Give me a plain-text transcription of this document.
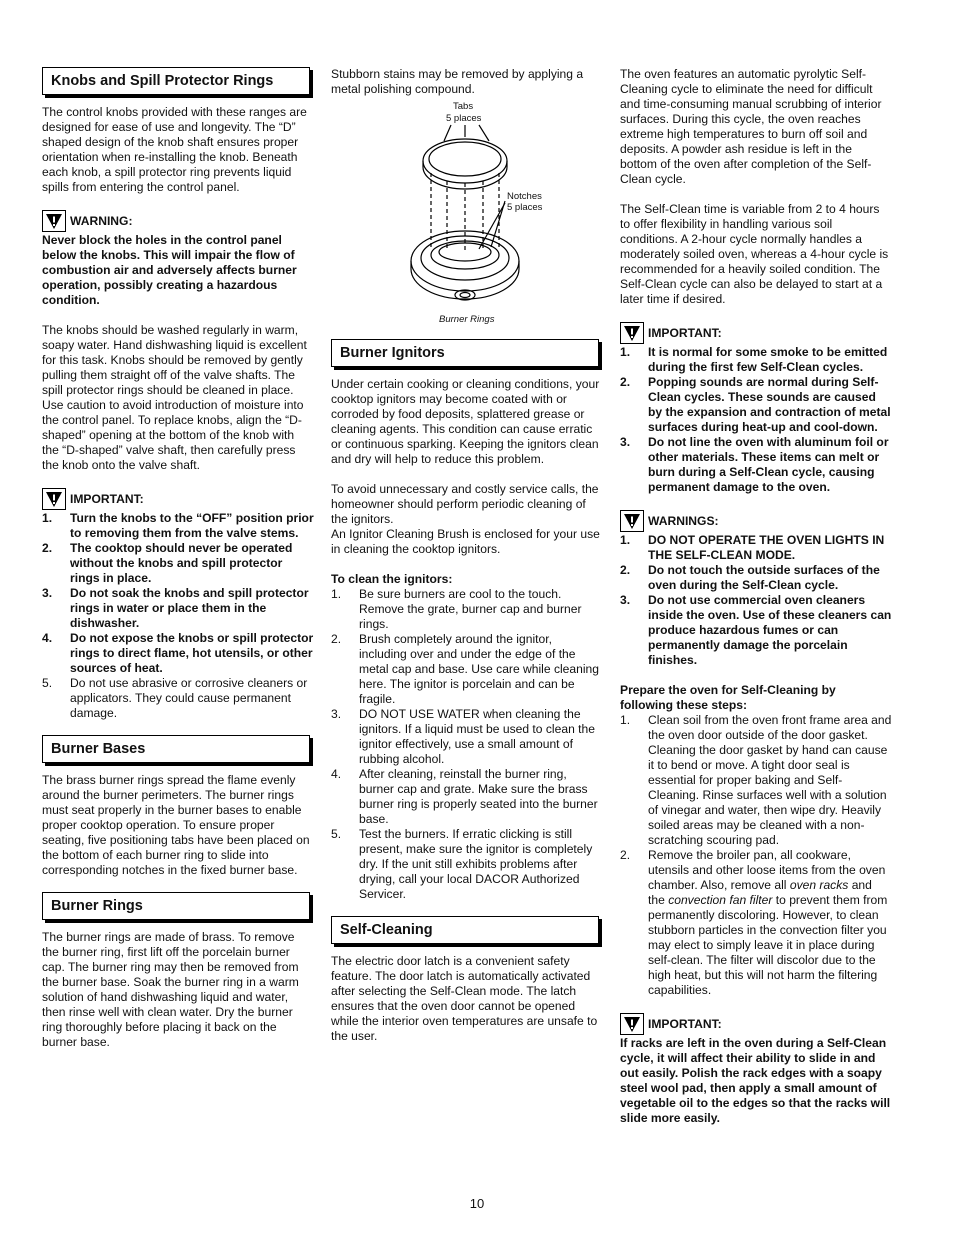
Knobs and Spill Protector Rings

The control knobs provided with these ranges are designed for ease of use and longevity. The “D” shaped design of the knob shaft ensures proper orientation when re-installing the knob. Beneath each knob, a spill protector ring prevents liquid spills from entering the control panel.

WARNING:

Never block the holes in the control panel below the knobs. This will impair the flow of combustion air and adversely affects burner operation, possibly creating a hazardous condition.

The knobs should be washed regularly in warm, soapy water. Hand dishwashing liquid is excellent for this task. Knobs should be removed by gently pulling them straight off of the valve shafts. The spill protector rings should be cleaned in place. Use caution to avoid introduction of moisture into the control panel. To replace knobs, align the “D-shaped” opening at the bottom of the knob with the “D-shaped” valve shaft, then carefully press the knob onto the valve shaft.

IMPORTANT:
1. Turn the knobs to the “OFF” position prior to removing them from the valve stems.
2. The cooktop should never be operated without the knobs and spill protector rings in place.
3. Do not soak the knobs and spill protector rings in water or place them in the dishwasher.
4. Do not expose the knobs or spill protector rings to direct flame, hot utensils, or other sources of heat.
5. Do not use abrasive or corrosive cleaners or applicators. They could cause permanent damage.
Burner Bases

The brass burner rings spread the flame evenly around the burner perimeters. The burner rings must seat properly in the burner bases to enable proper cooktop operation. To ensure proper seating, five positioning tabs have been placed on the bottom of each burner ring to slide into corresponding notches in the fixed burner base.

Burner Rings

The burner rings are made of brass. To remove the burner ring, first lift off the porcelain burner cap. The burner ring may then be removed from the burner base. Soak the burner ring in a warm solution of hand dishwashing liquid and water, then rinse well with clean water. Dry the burner ring thoroughly before placing it back on the burner base.

Stubborn stains may be removed by applying a metal polishing compound.

Tabs
5 places
Notches
5 places
Burner Rings
Burner Ignitors

Under certain cooking or cleaning conditions, your cooktop ignitors may become coated with or corroded by food deposits, splattered grease or cleaning agents. This condition can cause erratic or continuous sparking. Keeping the ignitors clean and dry will help to reduce this problem.

To avoid unnecessary and costly service calls, the homeowner should perform periodic cleaning of the ignitors.

An Ignitor Cleaning Brush is enclosed for your use in cleaning the cooktop ignitors.

To clean the ignitors:

1. Be sure burners are cool to the touch. Remove the grate, burner cap and burner rings.
2. Brush completely around the ignitor, including over and under the edge of the metal cap and base. Use care while cleaning here. The ignitor is porcelain and can be fragile.
3. DO NOT USE WATER when cleaning the ignitors. If a liquid must be used to clean the ignitor effectively, use a small amount of rubbing alcohol.
4. After cleaning, reinstall the burner ring, burner cap and grate. Make sure the brass burner ring is properly seated into the burner base.
5. Test the burners. If erratic clicking is still present, make sure the ignitor is completely dry. If the unit still exhibits problems after drying, call your local DACOR Authorized Servicer.
Self-Cleaning

The electric door latch is a convenient safety feature. The door latch is automatically activated after selecting the Self-Clean mode. The latch ensures that the oven door cannot be opened while the interior oven temperatures are unsafe to the user.

The oven features an automatic pyrolytic Self-Cleaning cycle to eliminate the need for difficult and time-consuming manual scrubbing of interior surfaces. During this cycle, the oven reaches extreme high temperatures to burn off soil and deposits. A powder ash residue is left in the bottom of the oven after completion of the Self-Clean cycle.

The Self-Clean time is variable from 2 to 4 hours to offer flexibility in handling various soil conditions. A 2-hour cycle normally handles a moderately soiled oven, whereas a 4-hour cycle is recommended for a heavily soiled condition. The Self-Clean cycle can also be delayed to start at a later time if desired.

IMPORTANT:
1. It is normal for some smoke to be emitted during the first few Self-Clean cycles.
2. Popping sounds are normal during Self-Clean cycles. These sounds are caused by the expansion and contraction of metal surfaces during heat-up and cool-down.
3. Do not line the oven with aluminum foil or other materials. These items can melt or burn during a Self-Clean cycle, causing permanent damage to the oven.
WARNINGS:
1. DO NOT OPERATE THE OVEN LIGHTS IN THE SELF-CLEAN MODE.
2. Do not touch the outside surfaces of the oven during the Self-Clean cycle.
3. Do not use commercial oven cleaners inside the oven. Use of these cleaners can produce hazardous fumes or can permanently damage the porcelain finishes.

Prepare the oven for Self-Cleaning by following these steps:

1. Clean soil from the oven front frame area and the oven door outside of the door gasket. Cleaning the door gasket by hand can cause it to bend or move. A tight door seal is essential for proper baking and Self-Cleaning. Rinse surfaces well with a solution of vinegar and water, then wipe dry. Heavily soiled areas may be cleaned with a non-scratching scouring pad.
2. Remove the broiler pan, all cookware, utensils and other loose items from the oven chamber. Also, remove all oven racks and the convection fan filter to prevent them from permanently discoloring. However, to clean stubborn particles in the convection filter you may elect to simply leave it in place during self-clean. The filter will discolor due to the high heat, but this will not harm the filtering capabilities.
IMPORTANT:

If racks are left in the oven during a Self-Clean cycle, it will affect their ability to slide in and out easily. Polish the rack edges with a soapy steel wool pad, then apply a small amount of vegetable oil to the edges so that the racks will slide more easily.

10
